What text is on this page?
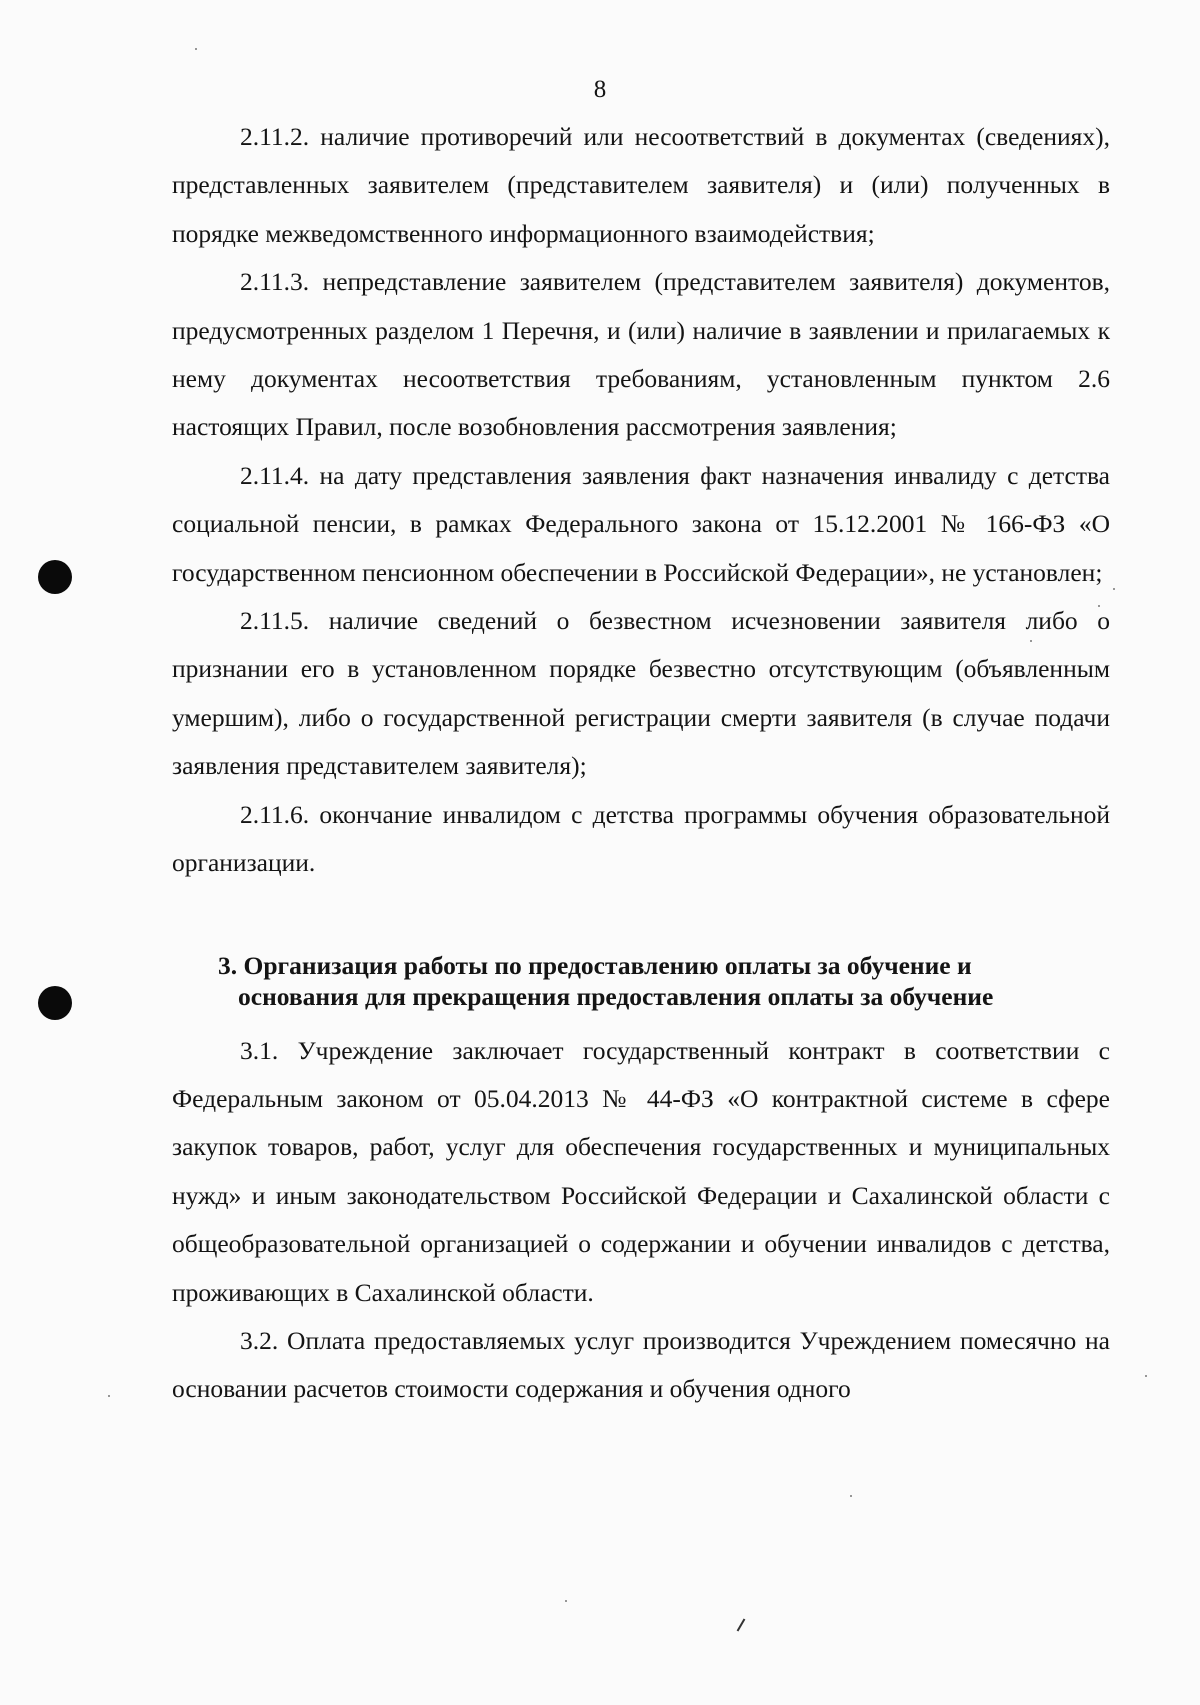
8

2.11.2. наличие противоречий или несоответствий в документах (сведениях), представленных заявителем (представителем заявителя) и (или) полученных в порядке межведомственного информационного взаимодействия;

2.11.3. непредставление заявителем (представителем заявителя) документов, предусмотренных разделом 1 Перечня, и (или) наличие в заявлении и прилагаемых к нему документах несоответствия требованиям, установленным пунктом 2.6 настоящих Правил, после возобновления рассмотрения заявления;

2.11.4. на дату представления заявления факт назначения инвалиду с детства социальной пенсии, в рамках Федерального закона от 15.12.2001 № 166-ФЗ «О государственном пенсионном обеспечении в Российской Федерации», не установлен;

2.11.5. наличие сведений о безвестном исчезновении заявителя либо о признании его в установленном порядке безвестно отсутствующим (объявленным умершим), либо о государственной регистрации смерти заявителя (в случае подачи заявления представителем заявителя);

2.11.6. окончание инвалидом с детства программы обучения образовательной организации.

3. Организация работы по предоставлению оплаты за обучение и
основания для прекращения предоставления оплаты за обучение

3.1. Учреждение заключает государственный контракт в соответствии с Федеральным законом от 05.04.2013 № 44-ФЗ «О контрактной системе в сфере закупок товаров, работ, услуг для обеспечения государственных и муниципальных нужд» и иным законодательством Российской Федерации и Сахалинской области с общеобразовательной организацией о содержании и обучении инвалидов с детства, проживающих в Сахалинской области.

3.2. Оплата предоставляемых услуг производится Учреждением помесячно на основании расчетов стоимости содержания и обучения одного
